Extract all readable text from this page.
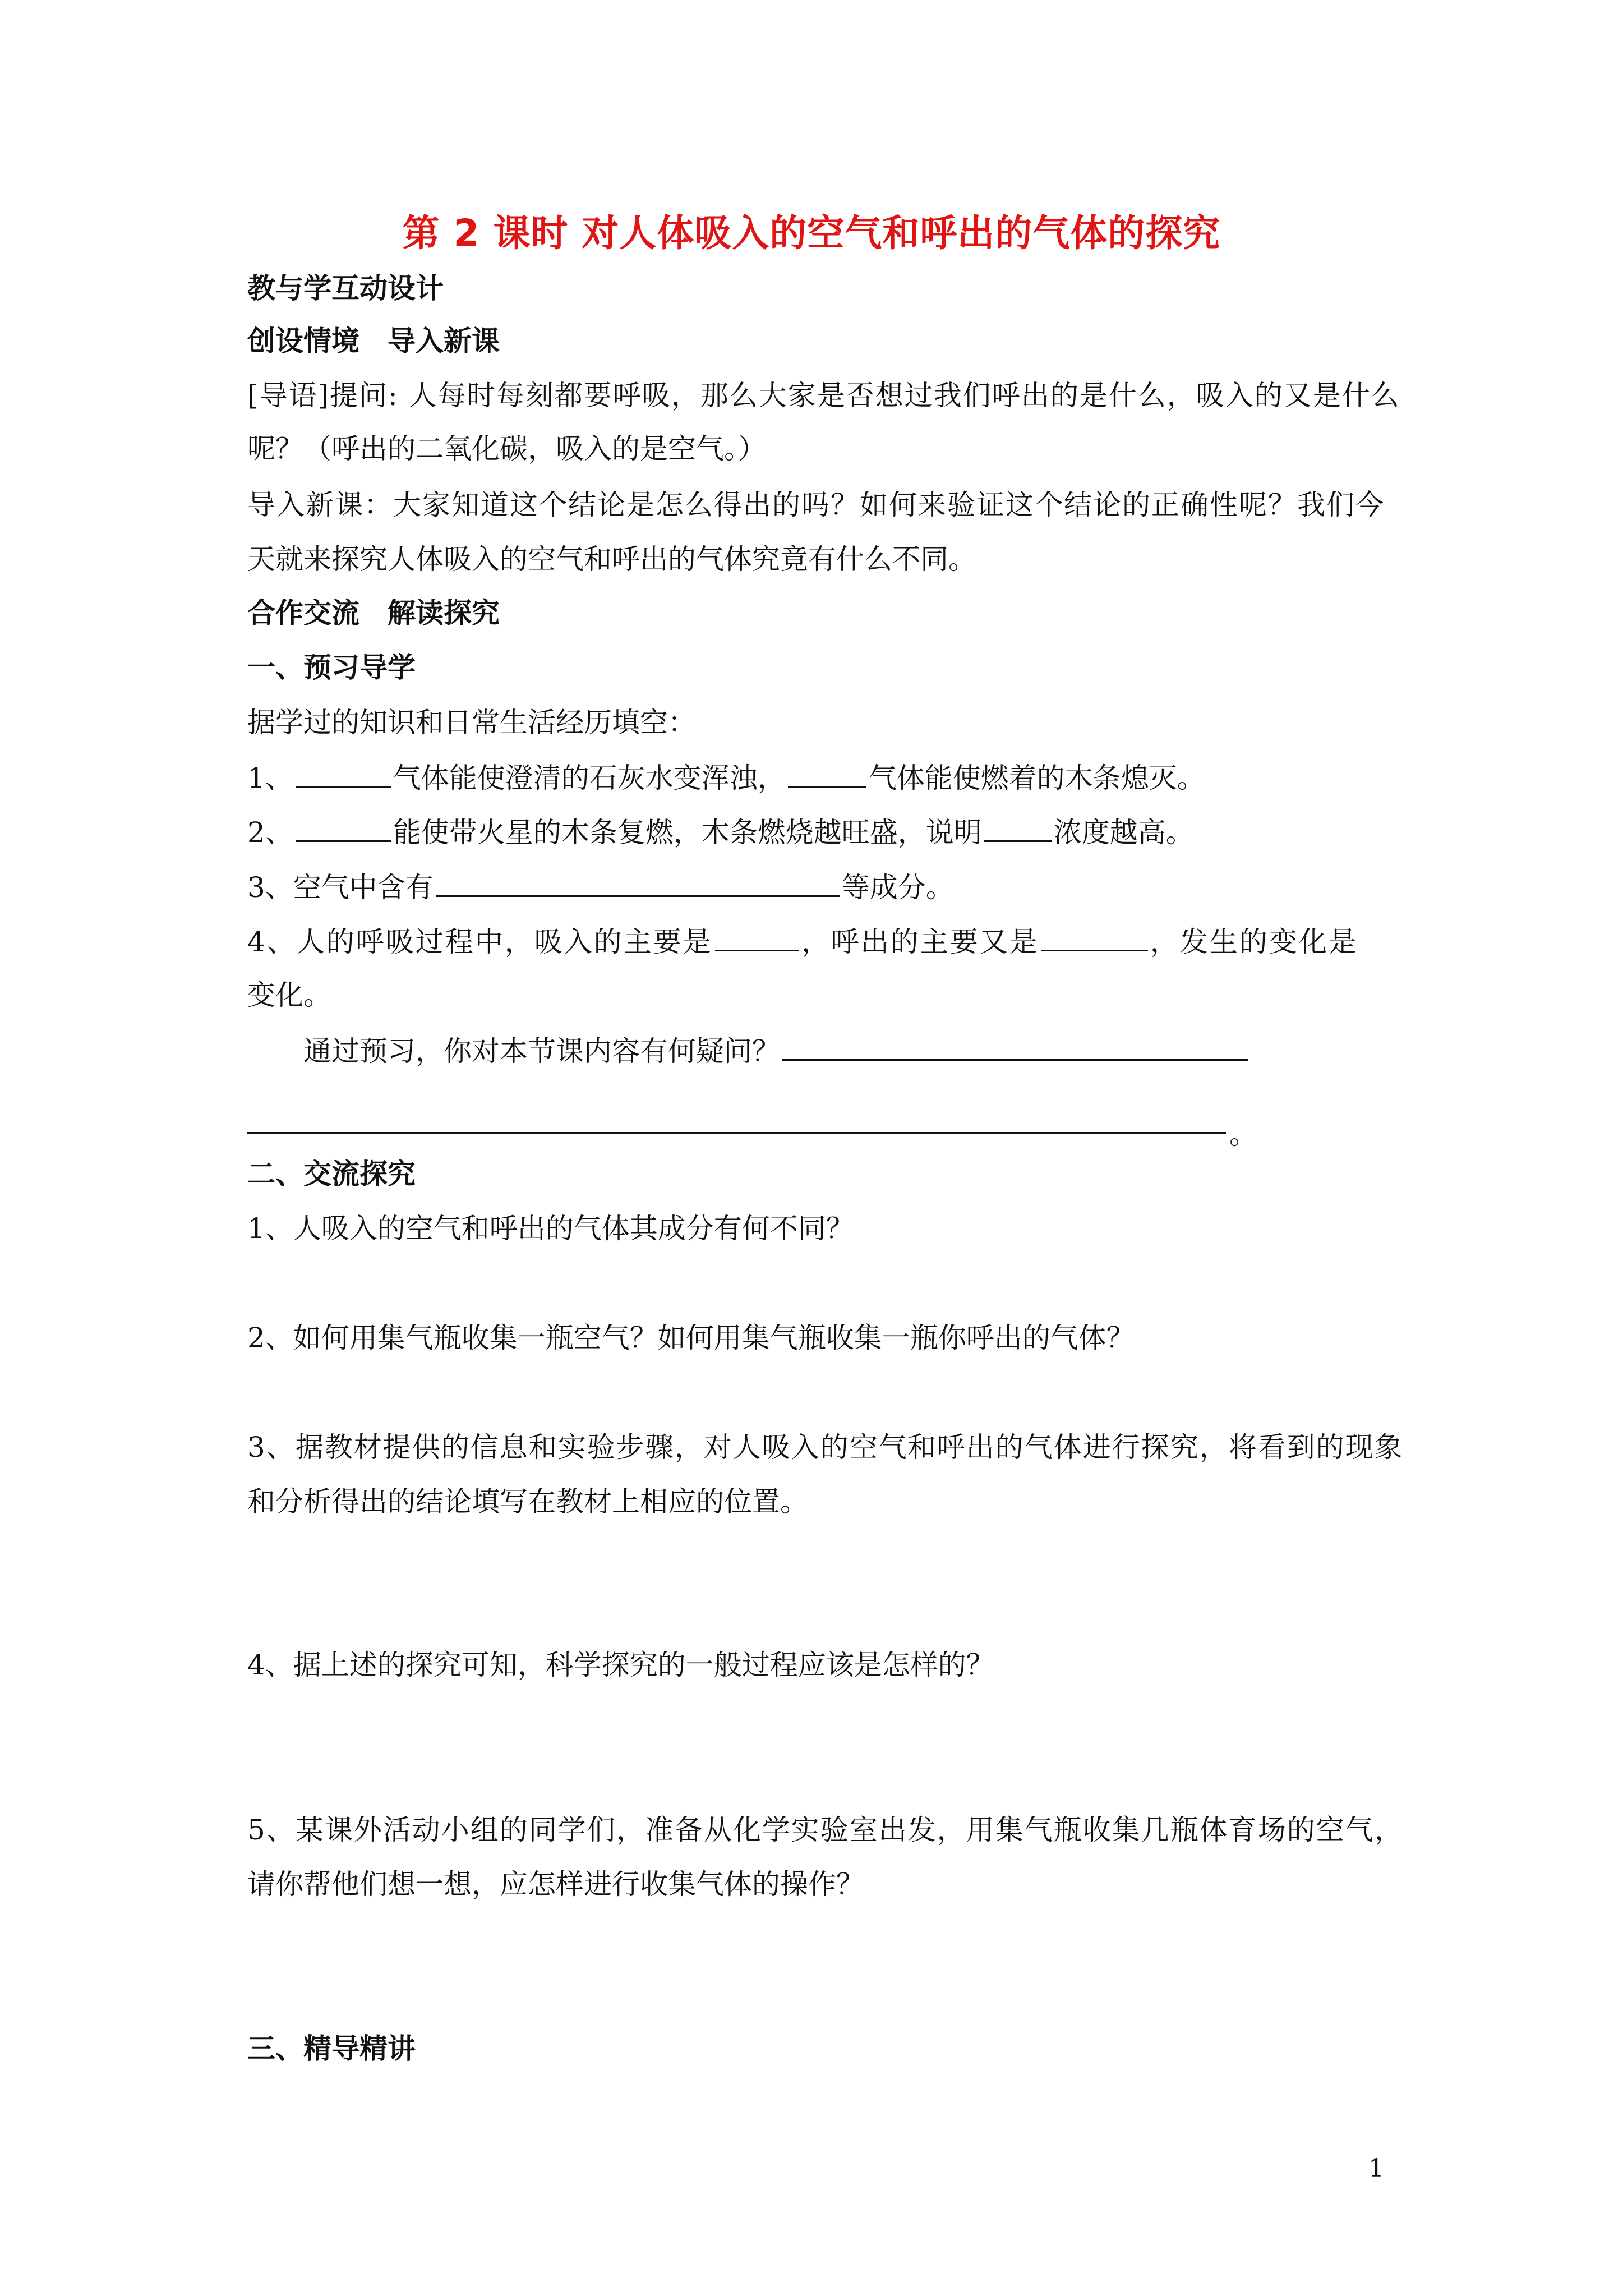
第 2 课时 对人体吸入的空气和呼出的气体的探究
教与学互动设计
创设情境　导入新课
[导语]提问: 人每时每刻都要呼吸，那么大家是否想过我们呼出的是什么，吸入的又是什么
呢？（呼出的二氧化碳，吸入的是空气。）
导入新课：大家知道这个结论是怎么得出的吗？如何来验证这个结论的正确性呢？我们今
天就来探究人体吸入的空气和呼出的气体究竟有什么不同。
合作交流　解读探究
一、预习导学
据学过的知识和日常生活经历填空：
1、	气体能使澄清的石灰水变浑浊，	气体能使燃着的木条熄灭。
2、	能使带火星的木条复燃，木条燃烧越旺盛，说明	浓度越高。
3、空气中含有	等成分。
4、人的呼吸过程中，吸入的主要是	，呼出的主要又是	，发生的变化是
变化。
通过预习，你对本节课内容有何疑问？
。
二、交流探究
1、人吸入的空气和呼出的气体其成分有何不同？
2、如何用集气瓶收集一瓶空气？如何用集气瓶收集一瓶你呼出的气体？
3、据教材提供的信息和实验步骤，对人吸入的空气和呼出的气体进行探究，将看到的现象
和分析得出的结论填写在教材上相应的位置。
4、据上述的探究可知，科学探究的一般过程应该是怎样的？
5、某课外活动小组的同学们，准备从化学实验室出发，用集气瓶收集几瓶体育场的空气，
请你帮他们想一想，应怎样进行收集气体的操作？
三、精导精讲
1
